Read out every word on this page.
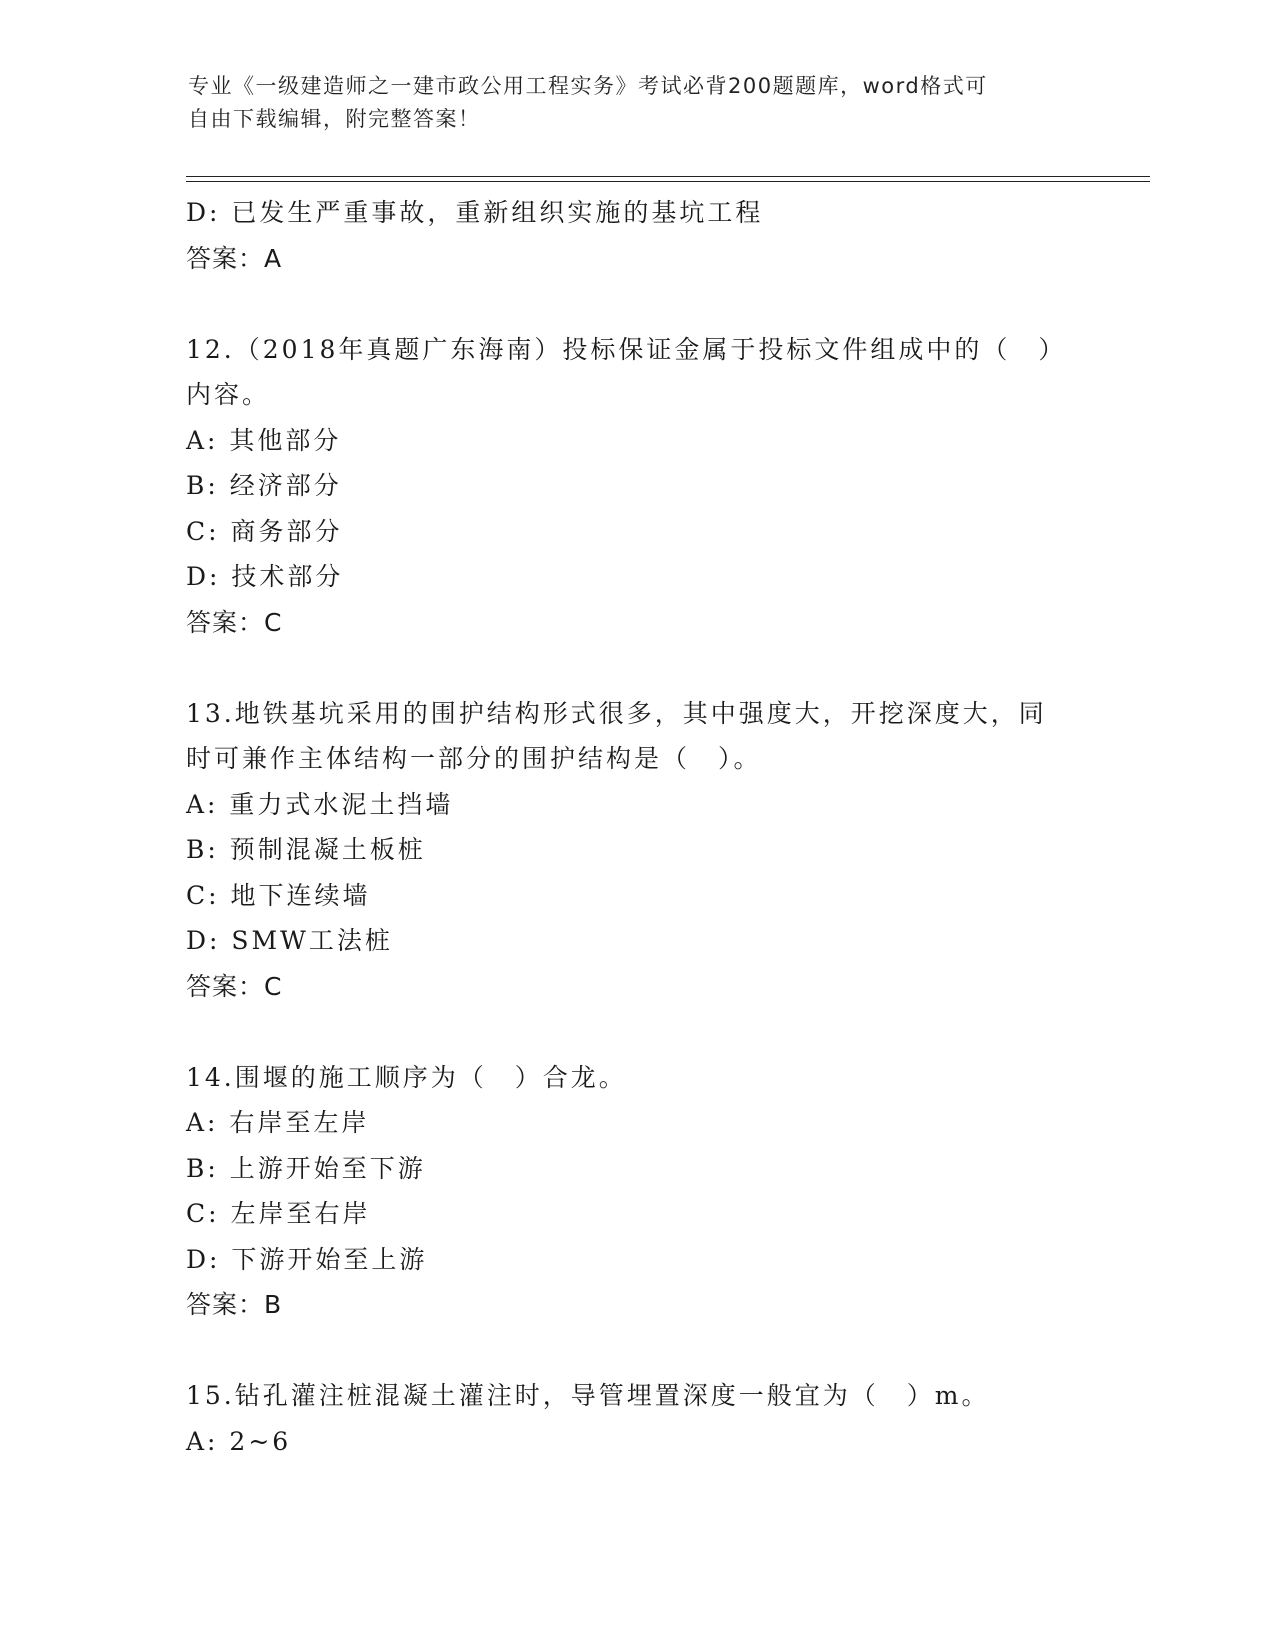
专业《一级建造师之一建市政公用工程实务》考试必背200题题库，word格式可
自由下载编辑，附完整答案！
D: 已发生严重事故，重新组织实施的基坑工程
答案：A
12.（2018年真题广东海南）投标保证金属于投标文件组成中的（　）
内容。
A: 其他部分
B: 经济部分
C: 商务部分
D: 技术部分
答案：C
13.地铁基坑采用的围护结构形式很多，其中强度大，开挖深度大，同
时可兼作主体结构一部分的围护结构是（　）。
A: 重力式水泥土挡墙
B: 预制混凝土板桩
C: 地下连续墙
D: SMW工法桩
答案：C
14.围堰的施工顺序为（　）合龙。
A: 右岸至左岸
B: 上游开始至下游
C: 左岸至右岸
D: 下游开始至上游
答案：B
15.钻孔灌注桩混凝土灌注时，导管埋置深度一般宜为（　）m。
A: 2~6
